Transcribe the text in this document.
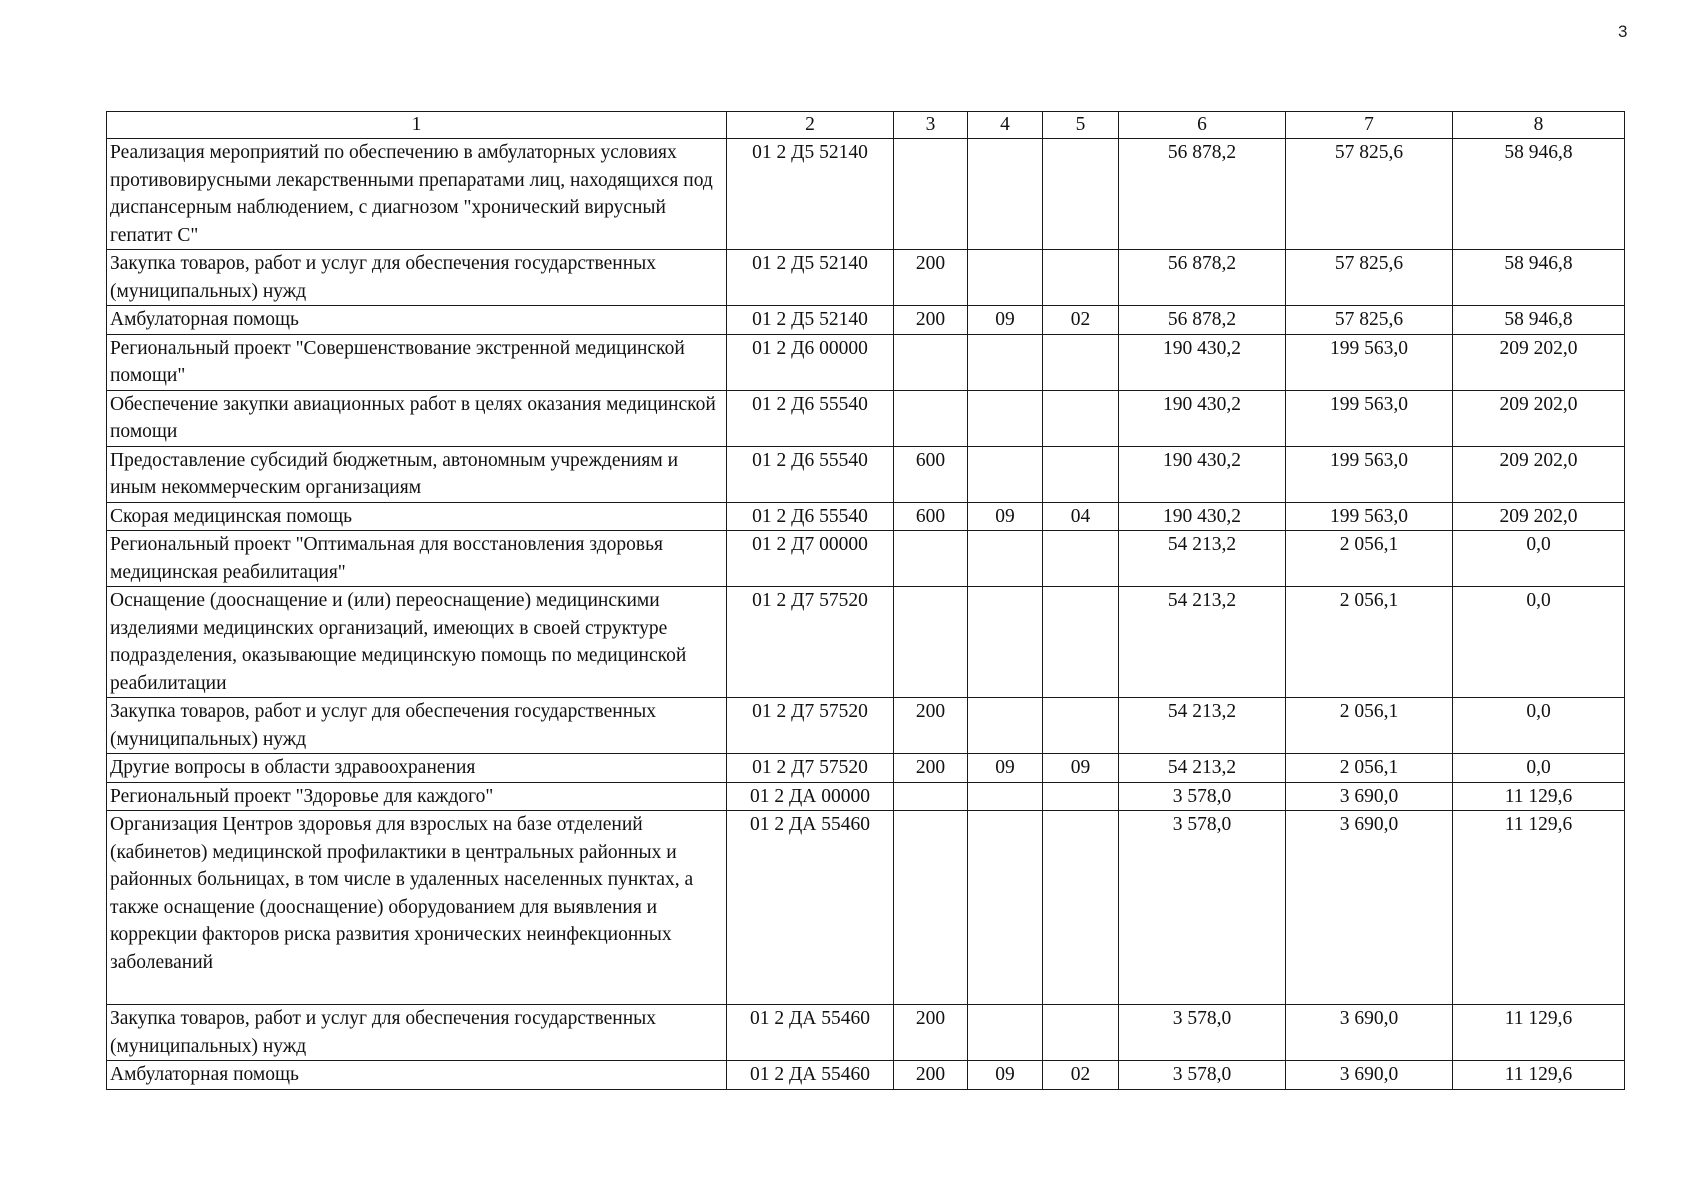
3
1	2	3	4	5	6	7	8
Реализация мероприятий по обеспечению в амбулаторных условиях противовирусными лекарственными препаратами лиц, находящихся под диспансерным наблюдением, с диагнозом "хронический вирусный гепатит С"	01 2 Д5 52140				56 878,2	57 825,6	58 946,8
Закупка товаров, работ и услуг для обеспечения государственных (муниципальных) нужд	01 2 Д5 52140	200			56 878,2	57 825,6	58 946,8
Амбулаторная помощь	01 2 Д5 52140	200	09	02	56 878,2	57 825,6	58 946,8
Региональный проект "Совершенствование экстренной медицинской помощи"	01 2 Д6 00000				190 430,2	199 563,0	209 202,0
Обеспечение закупки авиационных работ в целях оказания медицинской помощи	01 2 Д6 55540				190 430,2	199 563,0	209 202,0
Предоставление субсидий бюджетным, автономным учреждениям и иным некоммерческим организациям	01 2 Д6 55540	600			190 430,2	199 563,0	209 202,0
Скорая медицинская помощь	01 2 Д6 55540	600	09	04	190 430,2	199 563,0	209 202,0
Региональный проект "Оптимальная для восстановления здоровья медицинская реабилитация"	01 2 Д7 00000				54 213,2	2 056,1	0,0
Оснащение (дооснащение и (или) переоснащение) медицинскими изделиями медицинских организаций, имеющих в своей структуре подразделения, оказывающие медицинскую помощь по медицинской реабилитации	01 2 Д7 57520				54 213,2	2 056,1	0,0
Закупка товаров, работ и услуг для обеспечения государственных (муниципальных) нужд	01 2 Д7 57520	200			54 213,2	2 056,1	0,0
Другие вопросы в области здравоохранения	01 2 Д7 57520	200	09	09	54 213,2	2 056,1	0,0
Региональный проект "Здоровье для каждого"	01 2 ДА 00000				3 578,0	3 690,0	11 129,6
Организация Центров здоровья для взрослых на базе отделений (кабинетов) медицинской профилактики в центральных районных и районных больницах, в том числе в удаленных населенных пунктах, а также оснащение (дооснащение) оборудованием для выявления и коррекции факторов риска развития хронических неинфекционных заболеваний	01 2 ДА 55460				3 578,0	3 690,0	11 129,6
Закупка товаров, работ и услуг для обеспечения государственных (муниципальных) нужд	01 2 ДА 55460	200			3 578,0	3 690,0	11 129,6
Амбулаторная помощь	01 2 ДА 55460	200	09	02	3 578,0	3 690,0	11 129,6
